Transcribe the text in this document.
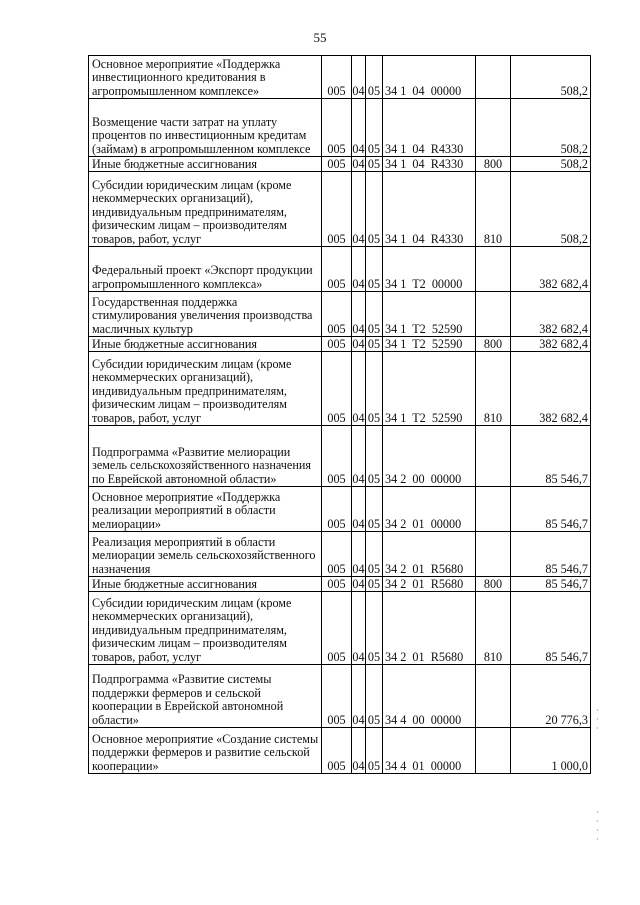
55
Основное мероприятие «Поддержка инвестиционного кредитования в агропромышленном комплексе»	005	04	05	34 1  04  00000		508,2
Возмещение части затрат на уплату процентов по инвестиционным кредитам (займам) в агропромышленном комплексе	005	04	05	34 1  04  R4330		508,2
Иные бюджетные ассигнования	005	04	05	34 1  04  R4330	800	508,2
Субсидии юридическим лицам (кроме некоммерческих организаций), индивидуальным предпринимателям, физическим лицам – производителям товаров, работ, услуг	005	04	05	34 1  04  R4330	810	508,2
Федеральный проект «Экспорт продукции агропромышленного комплекса»	005	04	05	34 1  T2  00000		382 682,4
Государственная поддержка стимулирования увеличения производства масличных культур	005	04	05	34 1  T2  52590		382 682,4
Иные бюджетные ассигнования	005	04	05	34 1  T2  52590	800	382 682,4
Субсидии юридическим лицам (кроме некоммерческих организаций), индивидуальным предпринимателям, физическим лицам – производителям товаров, работ, услуг	005	04	05	34 1  T2  52590	810	382 682,4
Подпрограмма «Развитие мелиорации земель сельскохозяйственного назначения по Еврейской автономной области»	005	04	05	34 2  00  00000		85 546,7
Основное мероприятие «Поддержка реализации мероприятий в области мелиорации»	005	04	05	34 2  01  00000		85 546,7
Реализация мероприятий в области мелиорации земель сельскохозяйственного назначения	005	04	05	34 2  01  R5680		85 546,7
Иные бюджетные ассигнования	005	04	05	34 2  01  R5680	800	85 546,7
Субсидии юридическим лицам (кроме некоммерческих организаций), индивидуальным предпринимателям, физическим лицам – производителям товаров, работ, услуг	005	04	05	34 2  01  R5680	810	85 546,7
Подпрограмма «Развитие системы поддержки фермеров и сельской кооперации в Еврейской автономной области»	005	04	05	34 4  00  00000		20 776,3
Основное мероприятие «Создание системы поддержки фермеров и развитие сельской кооперации»	005	04	05	34 4  01  00000		1 000,0
·
·
·
·
·
·
·
